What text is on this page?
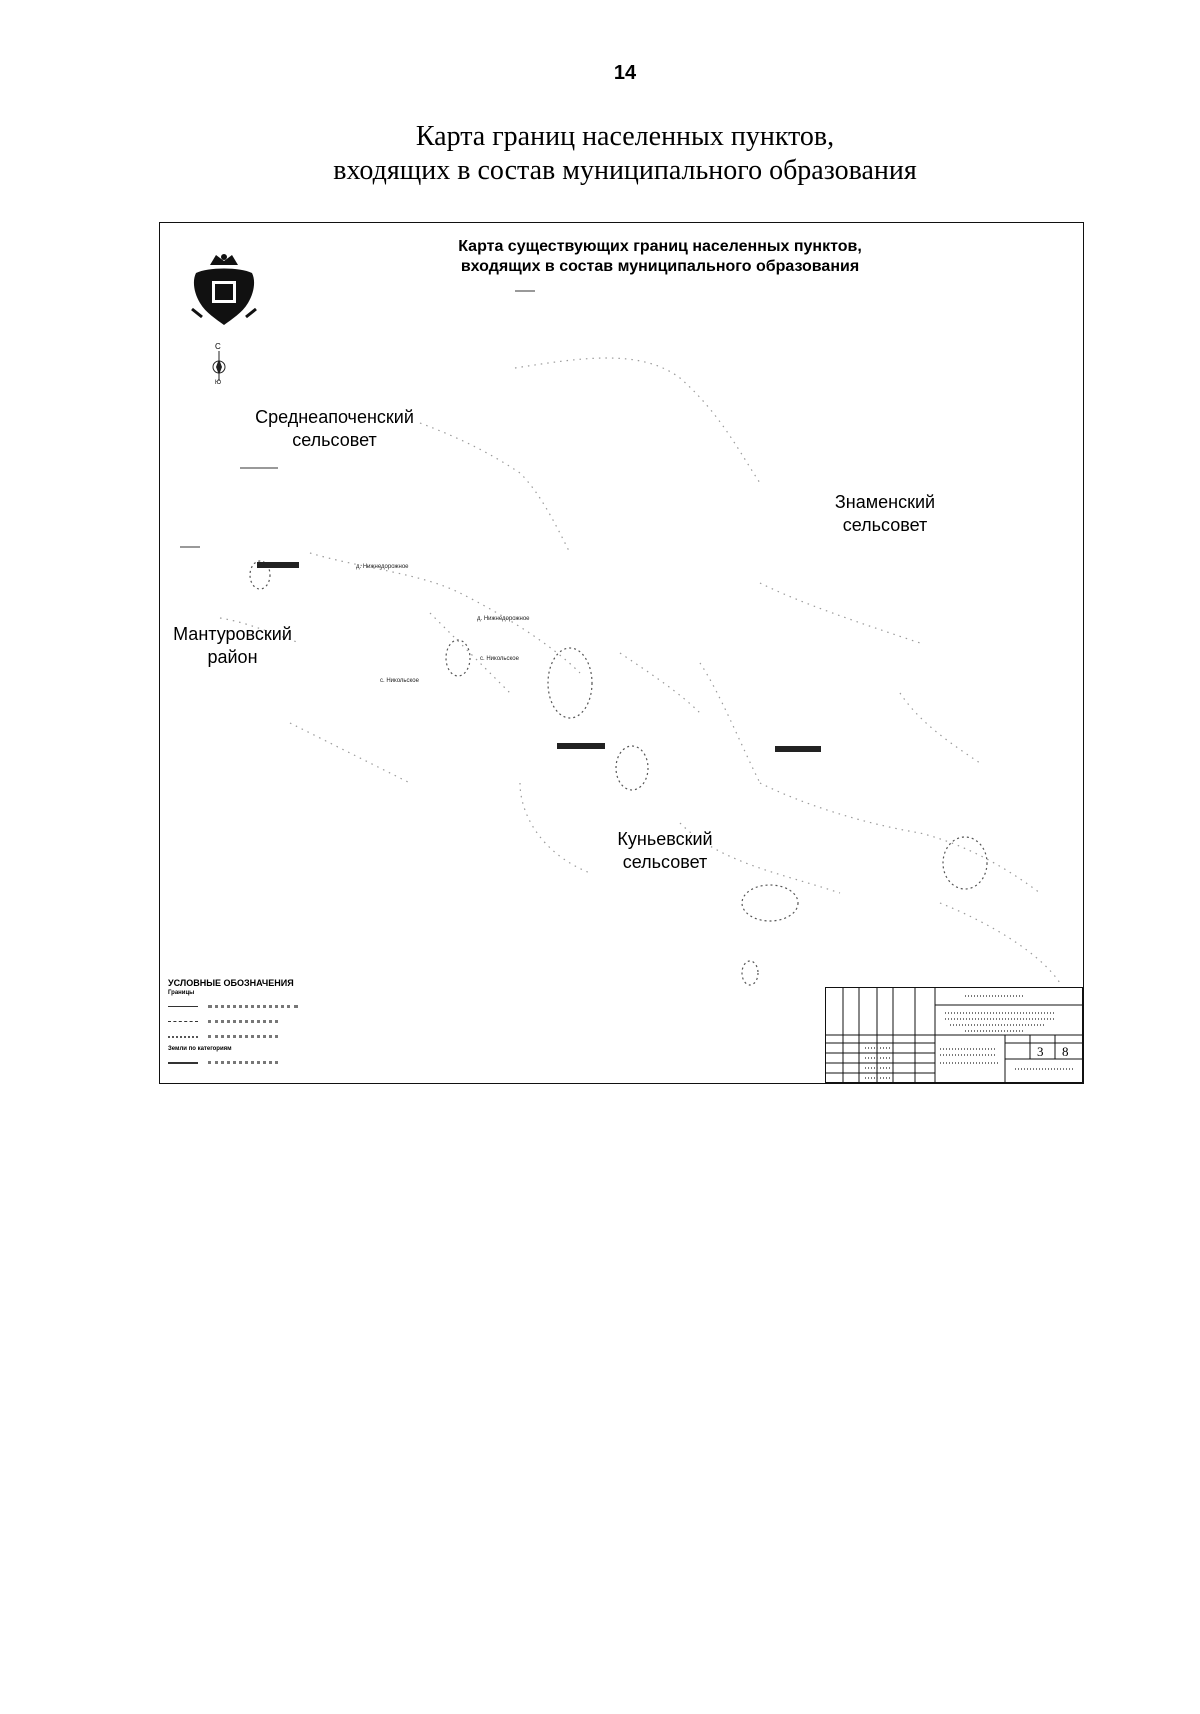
14
Карта границ населенных пунктов,
входящих в состав муниципального образования
Карта существующих границ населенных пунктов,
входящих в состав муниципального образования
С
Ю
Среднеапоченский
сельсовет
Знаменский
сельсовет
Мантуровский
район
Куньевский
сельсовет
д. Нижнедорожное
д. Нижнедорожное
с. Никольское
с. Никольское
УСЛОВНЫЕ ОБОЗНАЧЕНИЯ
Границы
Земли по категориям	3 8
